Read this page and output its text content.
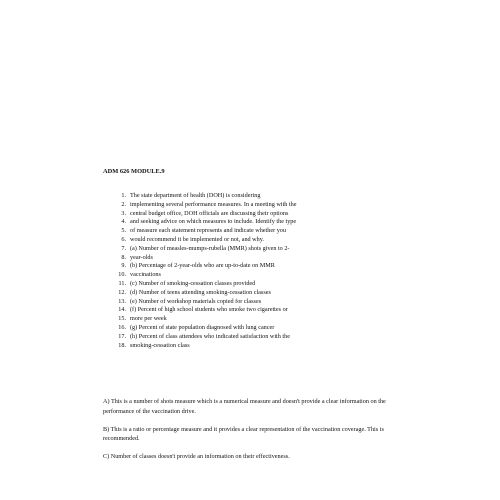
ADM 626 MODULE.9
1. The state department of health (DOH) is considering
2. implementing several performance measures. In a meeting with the
3. central budget office, DOH officials are discussing their options
4. and seeking advice on which measures to include. Identify the type
5. of measure each statement represents and indicate whether you
6. would recommend it be implemented or not, and why.
7. (a) Number of measles-mumps-rubella (MMR) shots given to 2-
8. year-olds
9. (b) Percentage of 2-year-olds who are up-to-date on MMR
10. vaccinations
11. (c) Number of smoking-cessation classes provided
12. (d) Number of teens attending smoking-cessation classes
13. (e) Number of workshop materials copied for classes
14. (f) Percent of high school students who smoke two cigarettes or
15. more per week
16. (g) Percent of state population diagnosed with lung cancer
17. (h) Percent of class attendees who indicated satisfaction with the
18. smoking-cessation class

A) This is a number of shots measure which is a numerical measure and doesn't provide a clear information on the performance of the vaccination drive.

B) This is a ratio or percentage measure and it provides a clear representation of the vaccination coverage. This is recommended.

C) Number of classes doesn't provide an information on their effectiveness.
